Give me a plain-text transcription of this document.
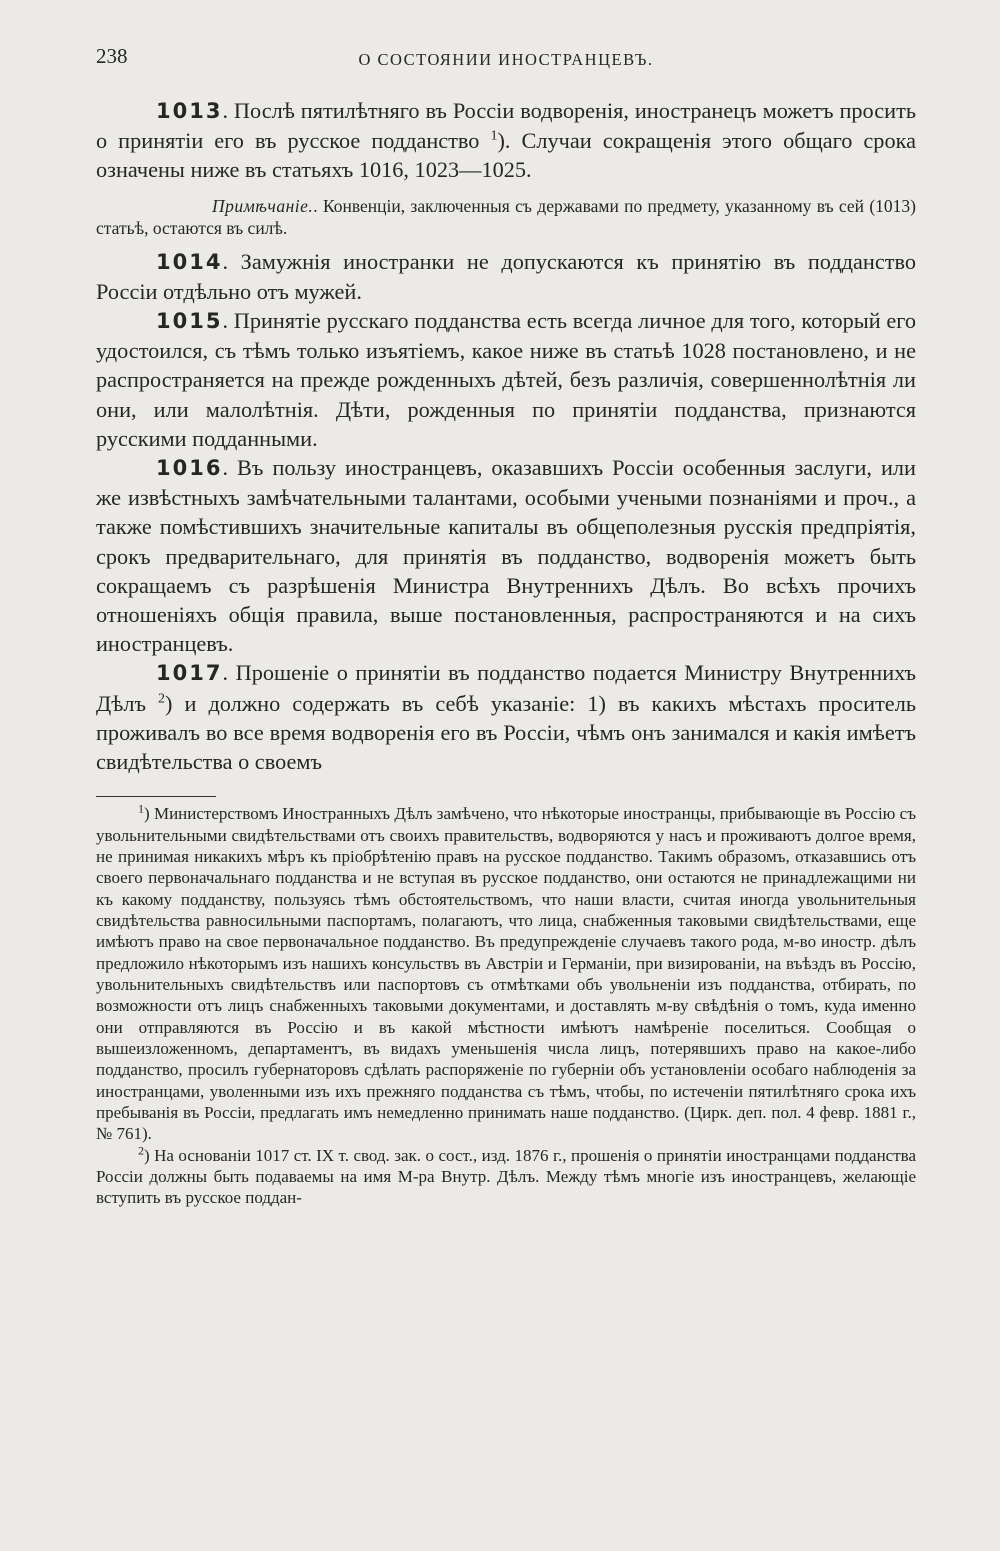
238	О СОСТОЯНИИ ИНОСТРАНЦЕВЪ.

1013. Послѣ пятилѣтняго въ Россіи водворенія, иностранецъ можетъ просить о принятіи его въ русское подданство $^1$). Случаи сокращенія этого общаго срока означены ниже въ статьяхъ 1016, 1023—1025.

Примѣчаніе.. Конвенціи, заключенныя съ державами по предмету, указанному въ сей (1013) статьѣ, остаются въ силѣ.

1014. Замужнія иностранки не допускаются къ принятію въ подданство Россіи отдѣльно отъ мужей.

1015. Принятіе русскаго подданства есть всегда личное для того, который его удостоился, съ тѣмъ только изъятіемъ, какое ниже въ статьѣ 1028 постановлено, и не распространяется на прежде рожденныхъ дѣтей, безъ различія, совершеннолѣтнія ли они, или малолѣтнія. Дѣти, рожденныя по принятіи подданства, признаются русскими подданными.

1016. Въ пользу иностранцевъ, оказавшихъ Россіи особенныя заслуги, или же извѣстныхъ замѣчательными талантами, особыми учеными познаніями и проч., а также помѣстившихъ значительные капиталы въ общеполезныя русскія предпріятія, срокъ предварительнаго, для принятія въ подданство, водворенія можетъ быть сокращаемъ съ разрѣшенія Министра Внутреннихъ Дѣлъ. Во всѣхъ прочихъ отношеніяхъ общія правила, выше постановленныя, распространяются и на сихъ иностранцевъ.

1017. Прошеніе о принятіи въ подданство подается Министру Внутреннихъ Дѣлъ $^2$) и должно содержать въ себѣ указаніе: 1) въ какихъ мѣстахъ проситель проживалъ во все время водворенія его въ Россіи, чѣмъ онъ занимался и какія имѣетъ свидѣтельства о своемъ

$^1$) Министерствомъ Иностранныхъ Дѣлъ замѣчено, что нѣкоторые иностранцы, прибывающіе въ Россію съ увольнительными свидѣтельствами отъ своихъ правительствъ, водворяются у насъ и проживаютъ долгое время, не принимая никакихъ мѣръ къ пріобрѣтенію правъ на русское подданство. Такимъ образомъ, отказавшись отъ своего первоначальнаго подданства и не вступая въ русское подданство, они остаются не принадлежащими ни къ какому подданству, пользуясь тѣмъ обстоятельствомъ, что наши власти, считая иногда увольнительныя свидѣтельства равносильными паспортамъ, полагаютъ, что лица, снабженныя таковыми свидѣтельствами, еще имѣютъ право на свое первоначальное подданство. Въ предупрежденіе случаевъ такого рода, м-во иностр. дѣлъ предложило нѣкоторымъ изъ нашихъ консульствъ въ Австріи и Германіи, при визированіи, на въѣздъ въ Россію, увольнительныхъ свидѣтельствъ или паспортовъ съ отмѣтками объ увольненіи изъ подданства, отбирать, по возможности отъ лицъ снабженныхъ таковыми документами, и доставлять м-ву свѣдѣнія о томъ, куда именно они отправляются въ Россію и въ какой мѣстности имѣютъ намѣреніе поселиться. Сообщая о вышеизложенномъ, департаментъ, въ видахъ уменьшенія числа лицъ, потерявшихъ право на какое-либо подданство, просилъ губернаторовъ сдѣлать распоряженіе по губерніи объ установленіи особагo наблюденія за иностранцами, уволенными изъ ихъ прежняго подданства съ тѣмъ, чтобы, по истеченіи пятилѣтняго срока ихъ пребыванія въ Россіи, предлагать имъ немедленно принимать наше подданство. (Цирк. деп. пол. 4 февр. 1881 г., № 761).

$^2$) На основаніи 1017 ст. IX т. свод. зак. о сост., изд. 1876 г., прошенія о принятіи иностранцами подданства Россіи должны быть подаваемы на имя М-ра Внутр. Дѣлъ. Между тѣмъ многіе изъ иностранцевъ, желающіе вступить въ русское поддан-
